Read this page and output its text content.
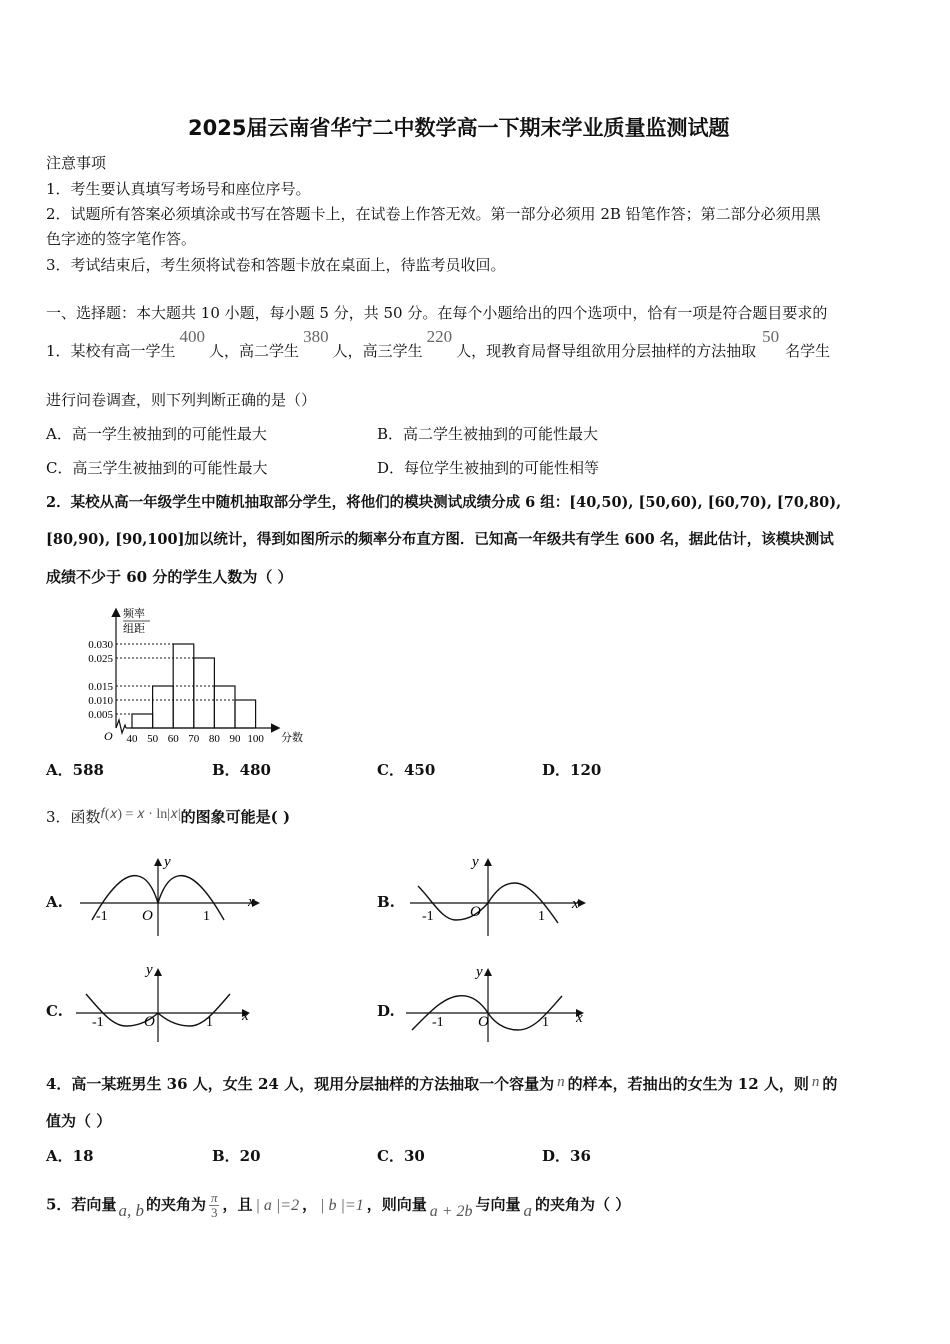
2025届云南省华宁二中数学高一下期末学业质量监测试题
注意事项
1．考生要认真填写考场号和座位序号。
2．试题所有答案必须填涂或书写在答题卡上，在试卷上作答无效。第一部分必须用 2B 铅笔作答；第二部分必须用黑
色字迹的签字笔作答。
3．考试结束后，考生须将试卷和答题卡放在桌面上，待监考员收回。
一、选择题：本大题共 10 小题，每小题 5 分，共 50 分。在每个小题给出的四个选项中，恰有一项是符合题目要求的
1．某校有高一学生400人，高二学生380人，高三学生220人，现教育局督导组欲用分层抽样的方法抽取50名学生
进行问卷调查，则下列判断正确的是（）
A．高一学生被抽到的可能性最大	B．高二学生被抽到的可能性最大
C．高三学生被抽到的可能性最大	D．每位学生被抽到的可能性相等
2．某校从高一年级学生中随机抽取部分学生，将他们的模块测试成绩分成 6 组：[40,50), [50,60), [60,70), [70,80),
[80,90), [90,100]加以统计，得到如图所示的频率分布直方图．已知高一年级共有学生 600 名，据此估计，该模块测试
成绩不少于 60 分的学生人数为（ ）
频率
组距
O	分数
0.030
0.025
0.015
0.010
0.005
40 50 60 70 80 90 100
A．588	B．480	C．450	D．120
3．函数𝑓(𝑥) = 𝑥 · ln|𝑥|的图象可能是( )
A.
y
x
O
-1	1
B.
y
x
O
-1	1
C.
y
x
O
-1	1
D.
y
x
O
-1	1
4．高一某班男生 36 人，女生 24 人，现用分层抽样的方法抽取一个容量为 n 的样本，若抽出的女生为 12 人，则 n 的
值为（ ）
A．18	B．20	C．30	D．36
5．若向量 a, b 的夹角为 $\frac{\pi}{3}$ ，且 | a |=2 ， | b |=1 ，则向量 a + 2b 与向量 a 的夹角为（ ）
